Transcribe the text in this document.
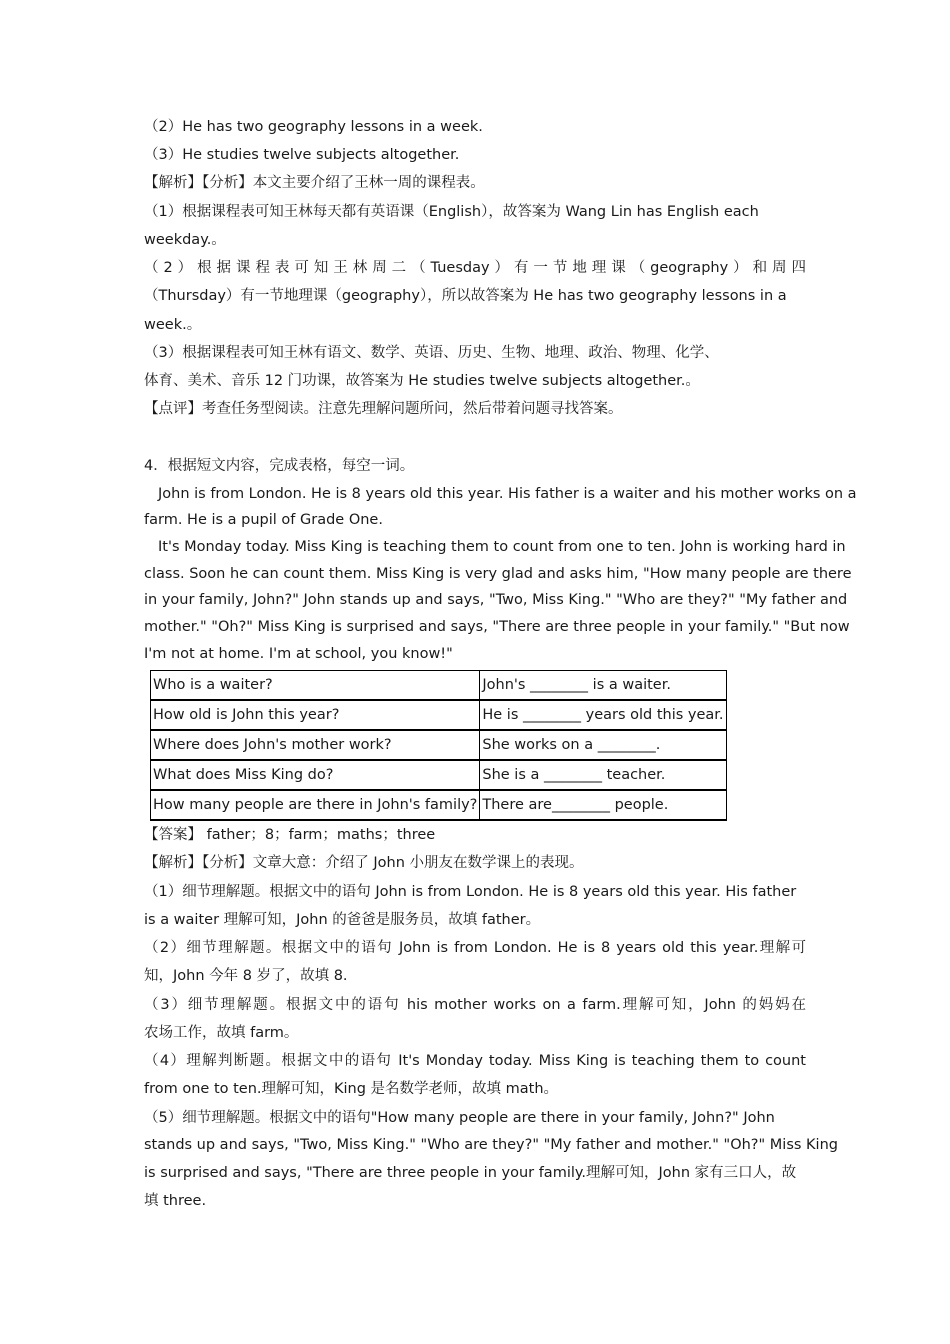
（2）He has two geography lessons in a week.

（3）He studies twelve subjects altogether.

【解析】【分析】本文主要介绍了王林一周的课程表。

（1）根据课程表可知王林每天都有英语课（English），故答案为 Wang Lin has English each

weekday.。

（2）根据课程表可知王林周二（Tuesday）有一节地理课（geography）和周四

（Thursday）有一节地理课（geography），所以故答案为 He has two geography lessons in a

week.。

（3）根据课程表可知王林有语文、数学、英语、历史、生物、地理、政治、物理、化学、

体育、美术、音乐 12 门功课，故答案为 He studies twelve subjects altogether.。

【点评】考查任务型阅读。注意先理解问题所问，然后带着问题寻找答案。

4．根据短文内容，完成表格，每空一词。

John is from London. He is 8 years old this year. His father is a waiter and his mother works on a

farm. He is a pupil of Grade One.

It's Monday today. Miss King is teaching them to count from one to ten. John is working hard in

class. Soon he can count them. Miss King is very glad and asks him, "How many people are there

in your family, John?" John stands up and says, "Two, Miss King." "Who are they?" "My father and

mother." "Oh?" Miss King is surprised and says, "There are three people in your family." "But now

I'm not at home. I'm at school, you know!"

Who is a waiter?	John's ________ is a waiter.
How old is John this year?	He is ________ years old this year.
Where does John's mother work?	She works on a ________.
What does Miss King do?	She is a ________ teacher.
How many people are there in John's family?	There are________ people.

【答案】 father；8；farm；maths；three

【解析】【分析】文章大意：介绍了 John 小朋友在数学课上的表现。

（1）细节理解题。根据文中的语句 John is from London. He is 8 years old this year. His father

is a waiter 理解可知，John 的爸爸是服务员，故填 father。

（2）细节理解题。根据文中的语句 John is from London. He is 8 years old this year.理解可

知，John 今年 8 岁了，故填 8.

（3）细节理解题。根据文中的语句 his mother works on a farm.理解可知，John 的妈妈在

农场工作，故填 farm。

（4）理解判断题。根据文中的语句 It's Monday today. Miss King is teaching them to count

from one to ten.理解可知，King 是名数学老师，故填 math。

（5）细节理解题。根据文中的语句"How many people are there in your family, John?" John

stands up and says, "Two, Miss King." "Who are they?" "My father and mother." "Oh?" Miss King

is surprised and says, "There are three people in your family.理解可知，John 家有三口人，故

填 three.
